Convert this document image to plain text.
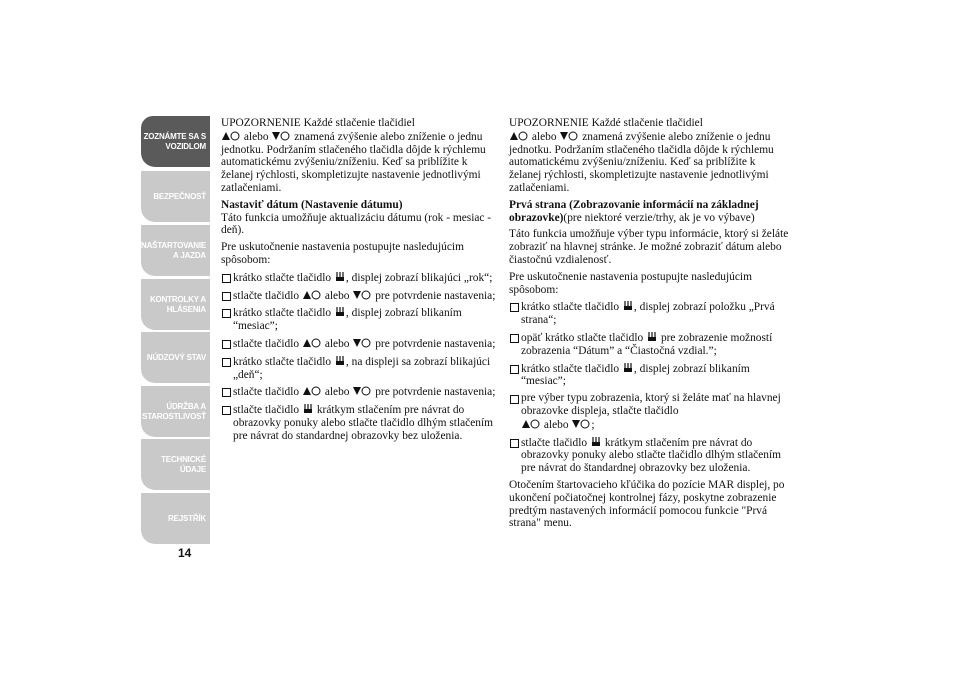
ZOZNÁMTE SA S
VOZIDLOM
BEZPEČNOSŤ
NAŠTARTOVANIE
A JAZDA
KONTROLKY A
HLÁSENIA
NÚDZOVÝ STAV
ÚDRŽBA A
STAROSTLIVOSŤ
TECHNICKÉ
ÚDAJE
REJSTŘÍK
14

UPOZORNENIE Každé stlačenie tlačidiel

alebo znamená zvýšenie alebo zníženie o jednu jednotku. Podržaním stlačeného tlačidla dôjde k rýchlemu automatickému zvýšeniu/zníženiu. Keď sa priblížite k želanej rýchlosti, skompletizujte nastavenie jednotlivými zatlačeniami.

Nastaviť dátum (Nastavenie dátumu)

Táto funkcia umožňuje aktualizáciu dátumu (rok - mesiac - deň).

Pre uskutočnenie nastavenia postupujte nasledujúcim spôsobom:

krátko stlačte tlačidlo , displej zobrazí blikajúci „rok“;
stlačte tlačidlo alebo pre potvrdenie nastavenia;
krátko stlačte tlačidlo , displej zobrazí blikaním “mesiac”;
stlačte tlačidlo alebo pre potvrdenie nastavenia;
krátko stlačte tlačidlo , na displeji sa zobrazí blikajúci „deň“;
stlačte tlačidlo alebo pre potvrdenie nastavenia;
stlačte tlačidlo krátkym stlačením pre návrat do obrazovky ponuky alebo stlačte tlačidlo dlhým stlačením pre návrat do standardnej obrazovky bez uloženia.

UPOZORNENIE Každé stlačenie tlačidiel

alebo znamená zvýšenie alebo zníženie o jednu jednotku. Podržaním stlačeného tlačidla dôjde k rýchlemu automatickému zvýšeniu/zníženiu. Keď sa priblížite k želanej rýchlosti, skompletizujte nastavenie jednotlivými zatlačeniami.

Prvá strana (Zobrazovanie informácií na základnej obrazovke)(pre niektoré verzie/trhy, ak je vo výbave)

Táto funkcia umožňuje výber typu informácie, ktorý si želáte zobraziť na hlavnej stránke. Je možné zobraziť dátum alebo čiastočnú vzdialenosť.

Pre uskutočnenie nastavenia postupujte nasledujúcim spôsobom:

krátko stlačte tlačidlo , displej zobrazí položku „Prvá strana“;
opäť krátko stlačte tlačidlo pre zobrazenie možností zobrazenia “Dátum” a “Čiastočná vzdial.”;
krátko stlačte tlačidlo , displej zobrazí blikaním “mesiac”;
pre výber typu zobrazenia, ktorý si želáte mať na hlavnej obrazovke displeja, stlačte tlačidlo

alebo ;
stlačte tlačidlo krátkym stlačením pre návrat do obrazovky ponuky alebo stlačte tlačidlo dlhým stlačením pre návrat do štandardnej obrazovky bez uloženia.

Otočením štartovacieho kľúčika do pozície MAR displej, po ukončení počiatočnej kontrolnej fázy, poskytne zobrazenie predtým nastavených informácií pomocou funkcie "Prvá strana" menu.
